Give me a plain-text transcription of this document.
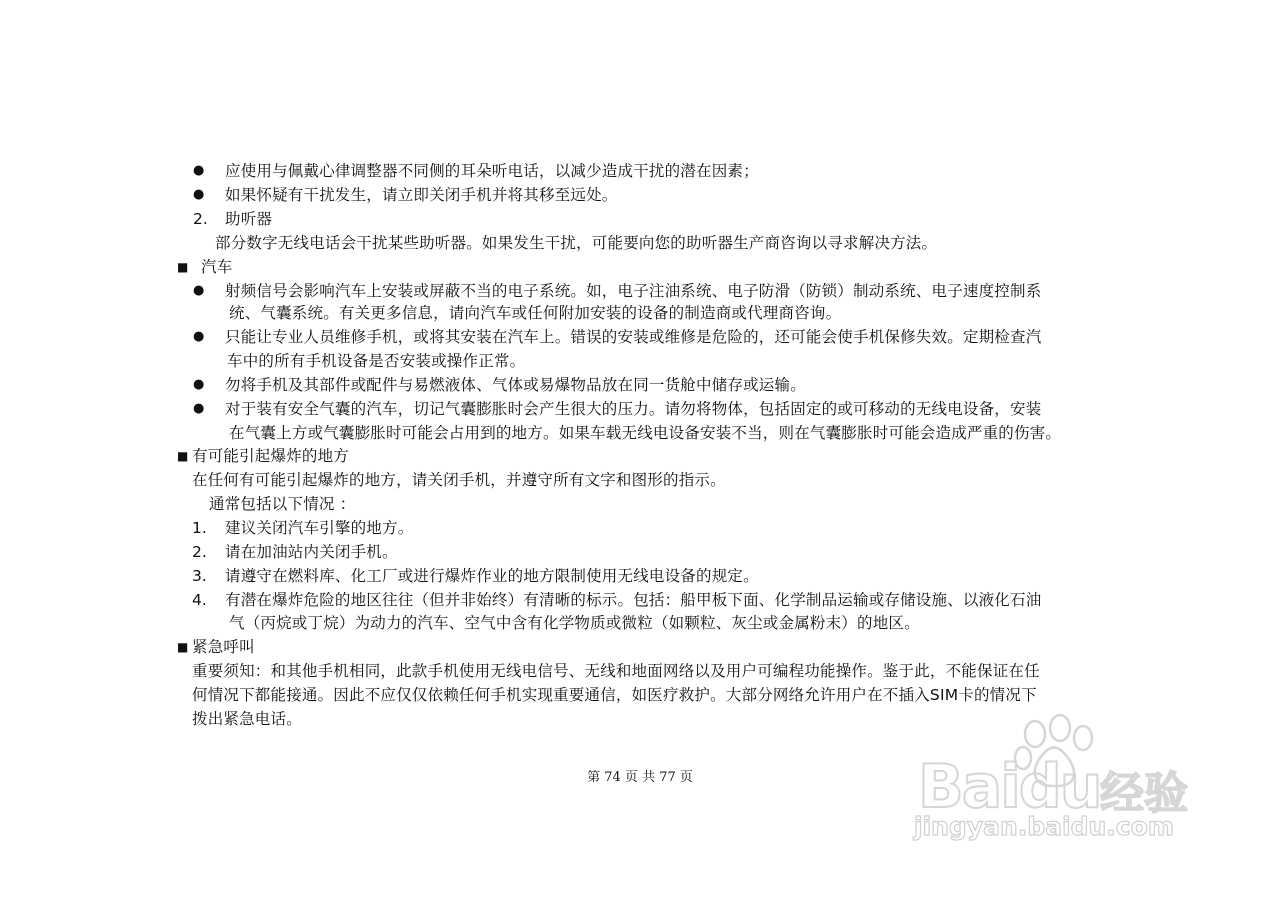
● 应使用与佩戴心律调整器不同侧的耳朵听电话，以减少造成干扰的潜在因素；
● 如果怀疑有干扰发生，请立即关闭手机并将其移至远处。
2. 助听器
部分数字无线电话会干扰某些助听器。如果发生干扰，可能要向您的助听器生产商咨询以寻求解决方法。
■ 汽车
● 射频信号会影响汽车上安装或屏蔽不当的电子系统。如，电子注油系统、电子防滑（防锁）制动系统、电子速度控制系
统、气囊系统。有关更多信息，请向汽车或任何附加安装的设备的制造商或代理商咨询。
● 只能让专业人员维修手机，或将其安装在汽车上。错误的安装或维修是危险的，还可能会使手机保修失效。定期检查汽
车中的所有手机设备是否安装或操作正常。
● 勿将手机及其部件或配件与易燃液体、气体或易爆物品放在同一货舱中储存或运输。
● 对于装有安全气囊的汽车，切记气囊膨胀时会产生很大的压力。请勿将物体，包括固定的或可移动的无线电设备，安装
在气囊上方或气囊膨胀时可能会占用到的地方。如果车载无线电设备安装不当，则在气囊膨胀时可能会造成严重的伤害。
■ 有可能引起爆炸的地方
在任何有可能引起爆炸的地方，请关闭手机，并遵守所有文字和图形的指示。
通常包括以下情况 ：
1. 建议关闭汽车引擎的地方。
2. 请在加油站内关闭手机。
3. 请遵守在燃料库、化工厂或进行爆炸作业的地方限制使用无线电设备的规定。
4. 有潜在爆炸危险的地区往往（但并非始终）有清晰的标示。包括：船甲板下面、化学制品运输或存储设施、以液化石油
气（丙烷或丁烷）为动力的汽车、空气中含有化学物质或微粒（如颗粒、灰尘或金属粉末）的地区。
■ 紧急呼叫
重要须知：和其他手机相同，此款手机使用无线电信号、无线和地面网络以及用户可编程功能操作。鉴于此，不能保证在任
何情况下都能接通。因此不应仅仅依赖任何手机实现重要通信，如医疗救护。大部分网络允许用户在不插入SIM卡的情况下
拨出紧急电话。
第 74 页 共 77 页	Baidu 经验
jingyan.baidu.com
